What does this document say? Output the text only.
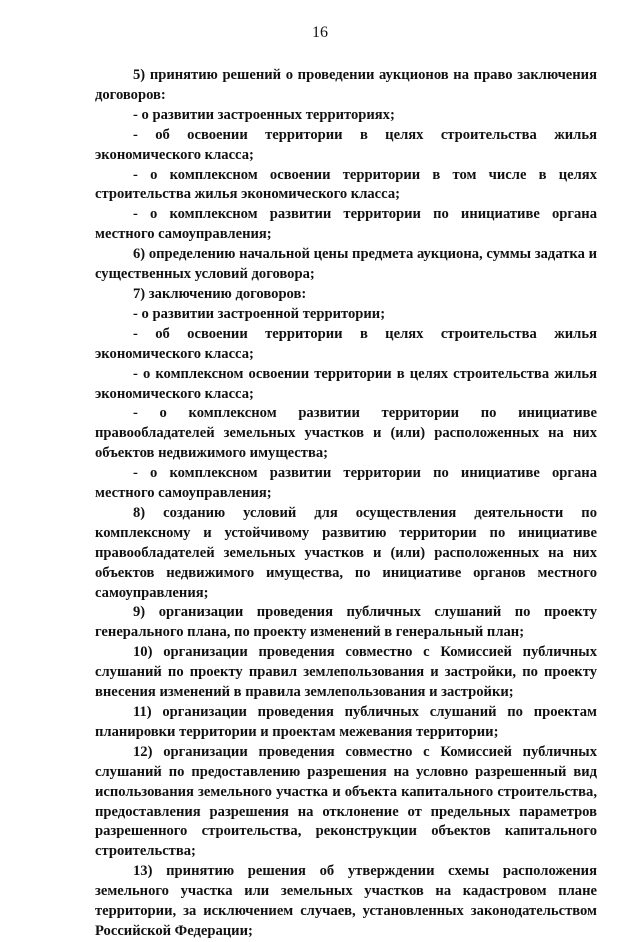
16

5) принятию решений о проведении аукционов на право заключения договоров:

- о развитии застроенных территориях;

- об освоении территории в целях строительства жилья экономического класса;

- о комплексном освоении территории в том числе в целях строительства жилья экономического класса;

- о комплексном развитии территории по инициативе органа местного самоуправления;

6) определению начальной цены предмета аукциона, суммы задатка и существенных условий договора;

7) заключению договоров:

- о развитии застроенной территории;

- об освоении территории в целях строительства жилья экономического класса;

- о комплексном освоении территории в целях строительства жилья экономического класса;

- о комплексном развитии территории по инициативе правообладателей земельных участков и (или) расположенных на них объектов недвижимого имущества;

- о комплексном развитии территории по инициативе органа местного самоуправления;

8) созданию условий для осуществления деятельности по комплексному и устойчивому развитию территории по инициативе правообладателей земельных участков и (или) расположенных на них объектов недвижимого имущества, по инициативе органов местного самоуправления;

9) организации проведения публичных слушаний по проекту генерального плана, по проекту изменений в генеральный план;

10) организации проведения совместно с Комиссией публичных слушаний по проекту правил землепользования и застройки, по проекту внесения изменений в правила землепользования и застройки;

11) организации проведения публичных слушаний по проектам планировки территории и проектам межевания территории;

12) организации проведения совместно с Комиссией публичных слушаний по предоставлению разрешения на условно разрешенный вид использования земельного участка и объекта капитального строительства, предоставления разрешения на отклонение от предельных параметров разрешенного строительства, реконструкции объектов капитального строительства;

13) принятию решения об утверждении схемы расположения земельного участка или земельных участков на кадастровом плане территории, за исключением случаев, установленных законодательством Российской Федерации;
